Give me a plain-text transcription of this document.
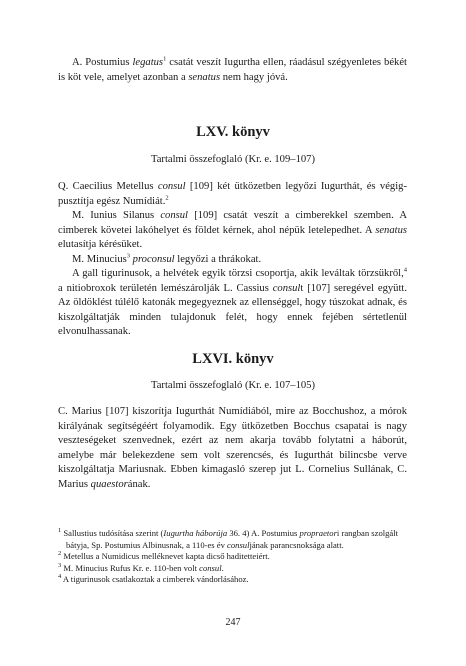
A. Postumius legatus$^1$ csatát veszít Iugurtha ellen, ráadásul szégyenletes békét is köt vele, amelyet azonban a senatus nem hagy jóvá.

LXV. könyv

Tartalmi összefoglaló (Kr. e. 109–107)

Q. Caecilius Metellus consul [109] két ütközetben legyőzi Iugurthát, és végigpusztítja egész Numídiát.$^2$

M. Iunius Silanus consul [109] csatát veszít a cimberekkel szemben. A cimberek követei lakóhelyet és földet kérnek, ahol népük letelepedhet. A senatus elutasítja kérésüket.

M. Minucius$^3$ proconsul legyőzi a thrákokat.

A gall tigurinusok, a helvétek egyik törzsi csoportja, akik leváltak törzsükről,$^4$ a nitiobroxok területén lemészárolják L. Cassius consult [107] seregével együtt. Az öldöklést túlélő katonák megegyeznek az ellenséggel, hogy túszokat adnak, és kiszolgáltatják minden tulajdonuk felét, hogy ennek fejében sértetlenül elvonulhassanak.

LXVI. könyv

Tartalmi összefoglaló (Kr. e. 107–105)

C. Marius [107] kiszorítja Iugurthát Numídiából, mire az Bocchushoz, a mórok királyának segítségéért folyamodik. Egy ütközetben Bocchus csapatai is nagy veszteségeket szenvednek, ezért az nem akarja tovább folytatni a háborút, amelybe már belekezdene sem volt szerencsés, és Iugurthát bilincsbe verve kiszolgáltatja Mariusnak. Ebben kimagasló szerep jut L. Cornelius Sullának, C. Marius quaestorának.

$^1$ Sallustius tudósítása szerint (Iugurtha háborúja 36. 4) A. Postumius propraetori rangban szolgált bátyja, Sp. Postumius Albinusnak, a 110-es év consuljának parancsnoksága alatt.
$^2$ Metellus a Numidicus melléknevet kapta dicső haditetteiért.
$^3$ M. Minucius Rufus Kr. e. 110-ben volt consul.
$^4$ A tigurinusok csatlakoztak a cimberek vándorlásához.

247
